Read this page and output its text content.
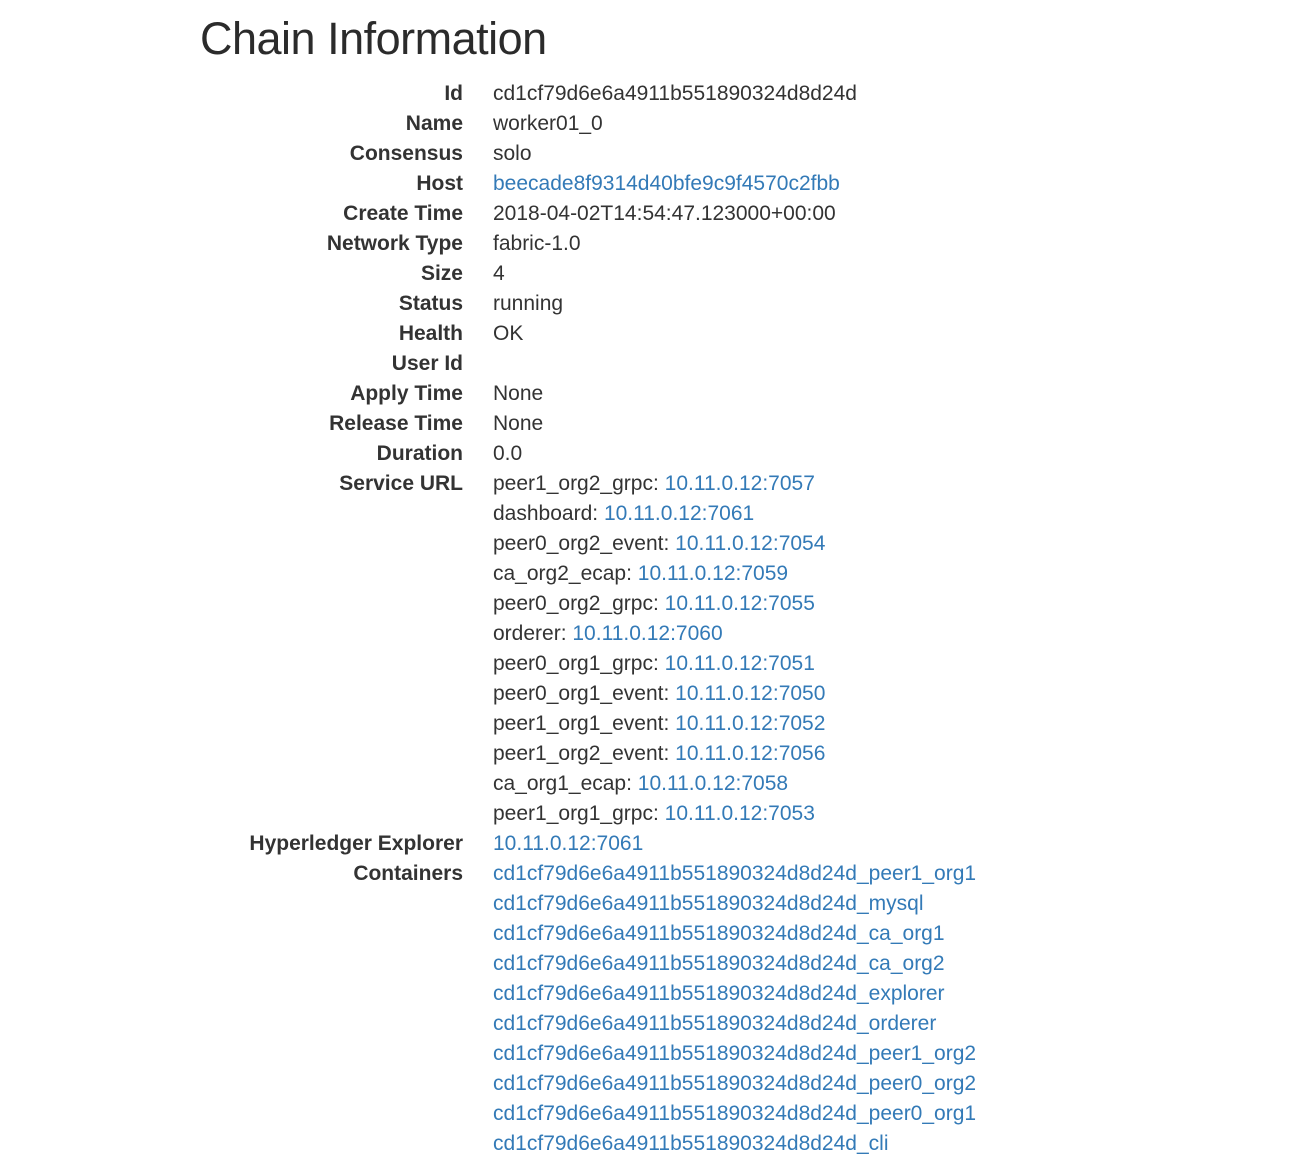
Chain Information
Id cd1cf79d6e6a4911b551890324d8d24d
Name worker01_0
Consensus solo
Host beecade8f9314d40bfe9c9f4570c2fbb
Create Time 2018-04-02T14:54:47.123000+00:00
Network Type fabric-1.0
Size 4
Status running
Health OK
User Id
Apply Time None
Release Time None
Duration 0.0
Service URL peer1_org2_grpc: 10.11.0.12:7057
dashboard: 10.11.0.12:7061
peer0_org2_event: 10.11.0.12:7054
ca_org2_ecap: 10.11.0.12:7059
peer0_org2_grpc: 10.11.0.12:7055
orderer: 10.11.0.12:7060
peer0_org1_grpc: 10.11.0.12:7051
peer0_org1_event: 10.11.0.12:7050
peer1_org1_event: 10.11.0.12:7052
peer1_org2_event: 10.11.0.12:7056
ca_org1_ecap: 10.11.0.12:7058
peer1_org1_grpc: 10.11.0.12:7053
Hyperledger Explorer 10.11.0.12:7061
Containers cd1cf79d6e6a4911b551890324d8d24d_peer1_org1
cd1cf79d6e6a4911b551890324d8d24d_mysql
cd1cf79d6e6a4911b551890324d8d24d_ca_org1
cd1cf79d6e6a4911b551890324d8d24d_ca_org2
cd1cf79d6e6a4911b551890324d8d24d_explorer
cd1cf79d6e6a4911b551890324d8d24d_orderer
cd1cf79d6e6a4911b551890324d8d24d_peer1_org2
cd1cf79d6e6a4911b551890324d8d24d_peer0_org2
cd1cf79d6e6a4911b551890324d8d24d_peer0_org1
cd1cf79d6e6a4911b551890324d8d24d_cli
